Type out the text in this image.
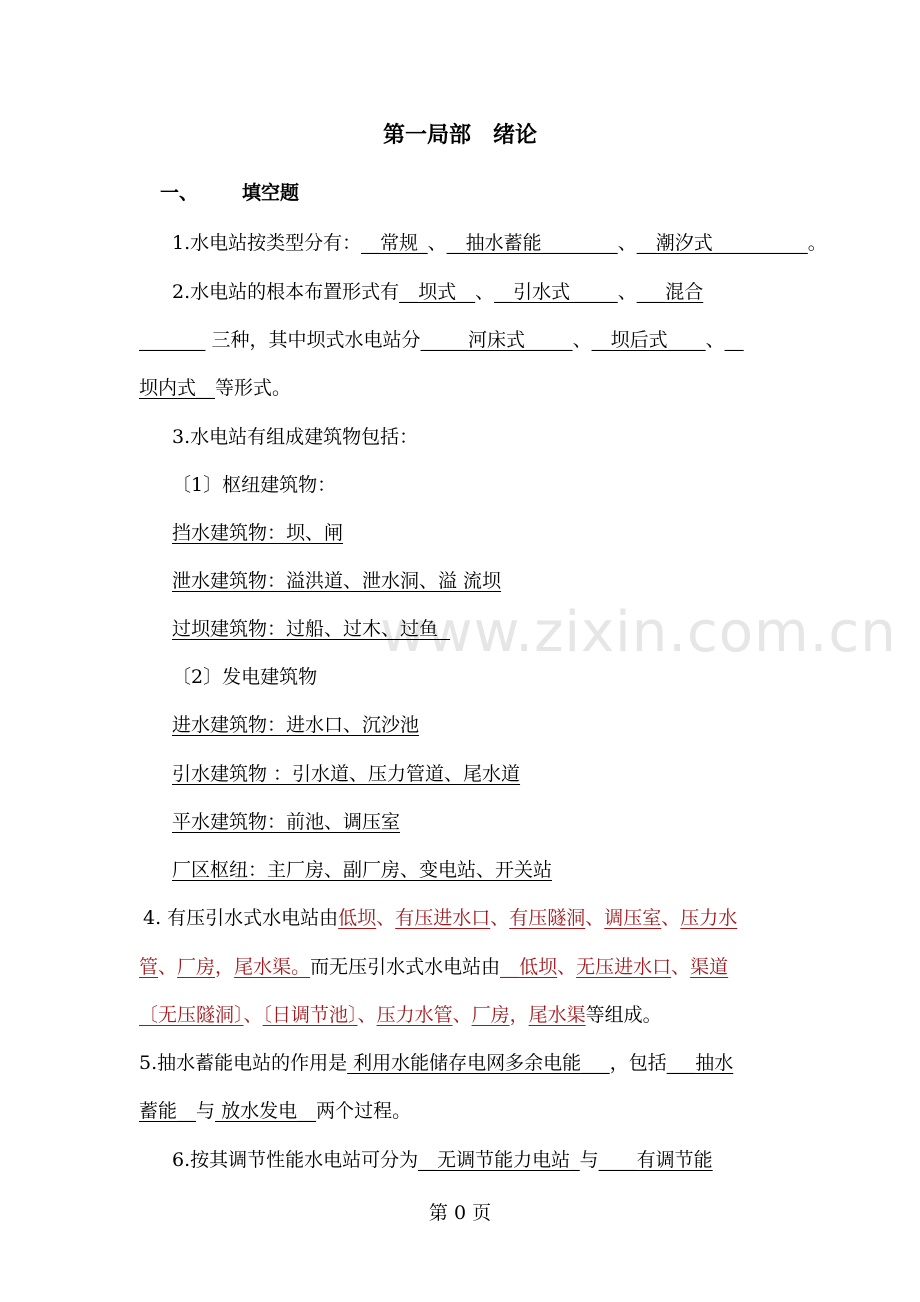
第一局部　绪论
一、 填空题
www.zixin.com.cn
1.水电站按类型分有：__常规_、__抽水蓄能________、__潮汐式__________。
2.水电站的根本布置形式有__坝式__、__引水式_____、___混合
_______ 三种，其中坝式水电站分_____河床式_____、__坝后式____、__
坝内式__等形式。
3.水电站有组成建筑物包括：
〔1〕枢纽建筑物：
挡水建筑物：坝、闸
泄水建筑物：溢洪道、泄水洞、溢 流坝
过坝建筑物：过船、过木、过鱼
〔2〕发电建筑物
进水建筑物：进水口、沉沙池
引水建筑物 ：引水道、压力管道、尾水道
平水建筑物：前池、调压室
厂区枢纽：主厂房、副厂房、变电站、开关站
4. 有压引水式水电站由低坝、有压进水口、有压隧洞、调压室、压力水
管、厂房，尾水渠。而无压引水式水电站由__低坝、无压进水口、渠道
〔无压隧洞〕、〔日调节池〕、压力水管、厂房，尾水渠等组成。
5.抽水蓄能电站的作用是 利用水能储存电网多余电能___，包括___抽水
蓄能__与 放水发电__两个过程。
6.按其调节性能水电站可分为__无调节能力电站_与____有调节能
第 0 页
